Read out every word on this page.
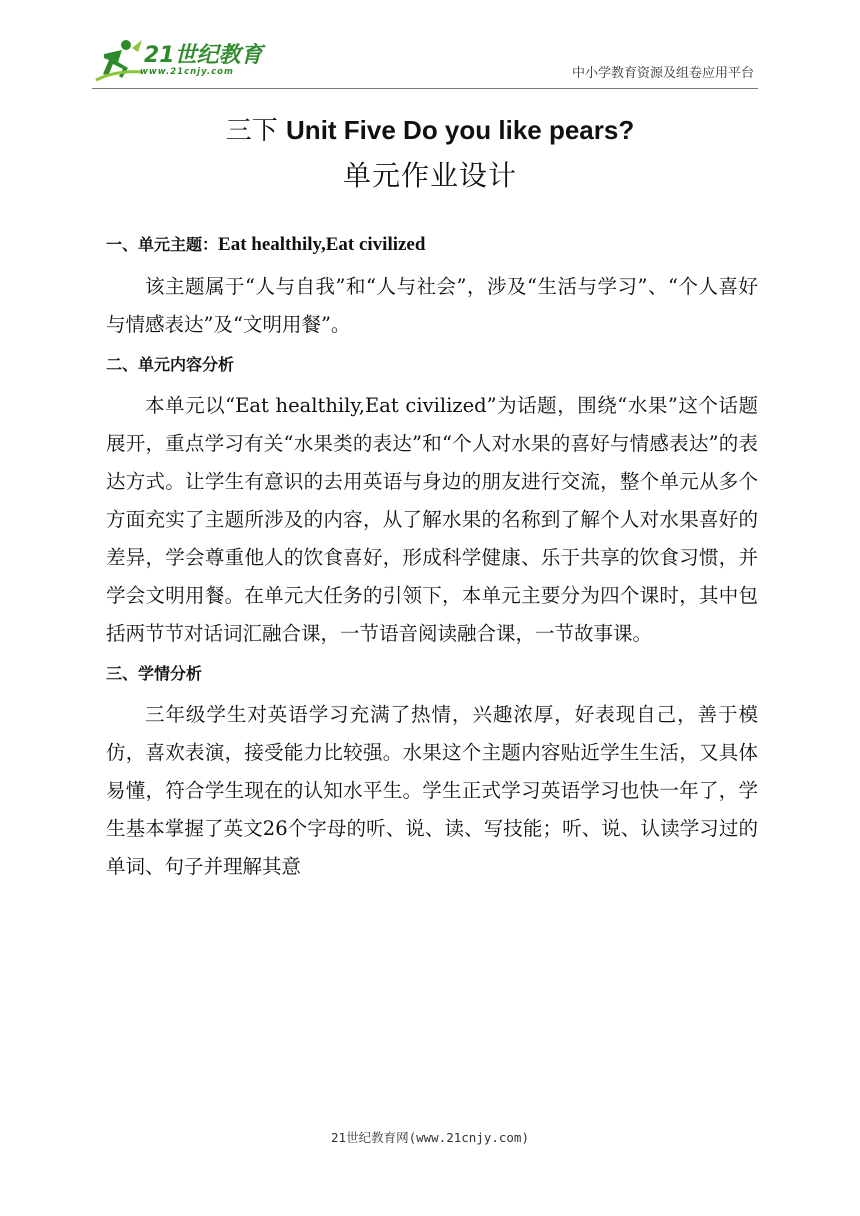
21世纪教育
www.21cnjy.com	中小学教育资源及组卷应用平台
三下 Unit Five Do you like pears?
单元作业设计

一、单元主题：Eat healthily,Eat civilized

该主题属于“人与自我”和“人与社会”，涉及“生活与学习”、“个人喜好与情感表达”及“文明用餐”。

二、单元内容分析

本单元以“Eat healthily,Eat civilized”为话题，围绕“水果”这个话题展开，重点学习有关“水果类的表达”和“个人对水果的喜好与情感表达”的表达方式。让学生有意识的去用英语与身边的朋友进行交流，整个单元从多个方面充实了主题所涉及的内容，从了解水果的名称到了解个人对水果喜好的差异，学会尊重他人的饮食喜好，形成科学健康、乐于共享的饮食习惯，并学会文明用餐。在单元大任务的引领下，本单元主要分为四个课时，其中包括两节节对话词汇融合课，一节语音阅读融合课，一节故事课。

三、学情分析

三年级学生对英语学习充满了热情，兴趣浓厚，好表现自己，善于模仿，喜欢表演，接受能力比较强。水果这个主题内容贴近学生生活，又具体易懂，符合学生现在的认知水平生。学生正式学习英语学习也快一年了，学生基本掌握了英文26个字母的听、说、读、写技能；听、说、认读学习过的单词、句子并理解其意

21世纪教育网(www.21cnjy.com)
